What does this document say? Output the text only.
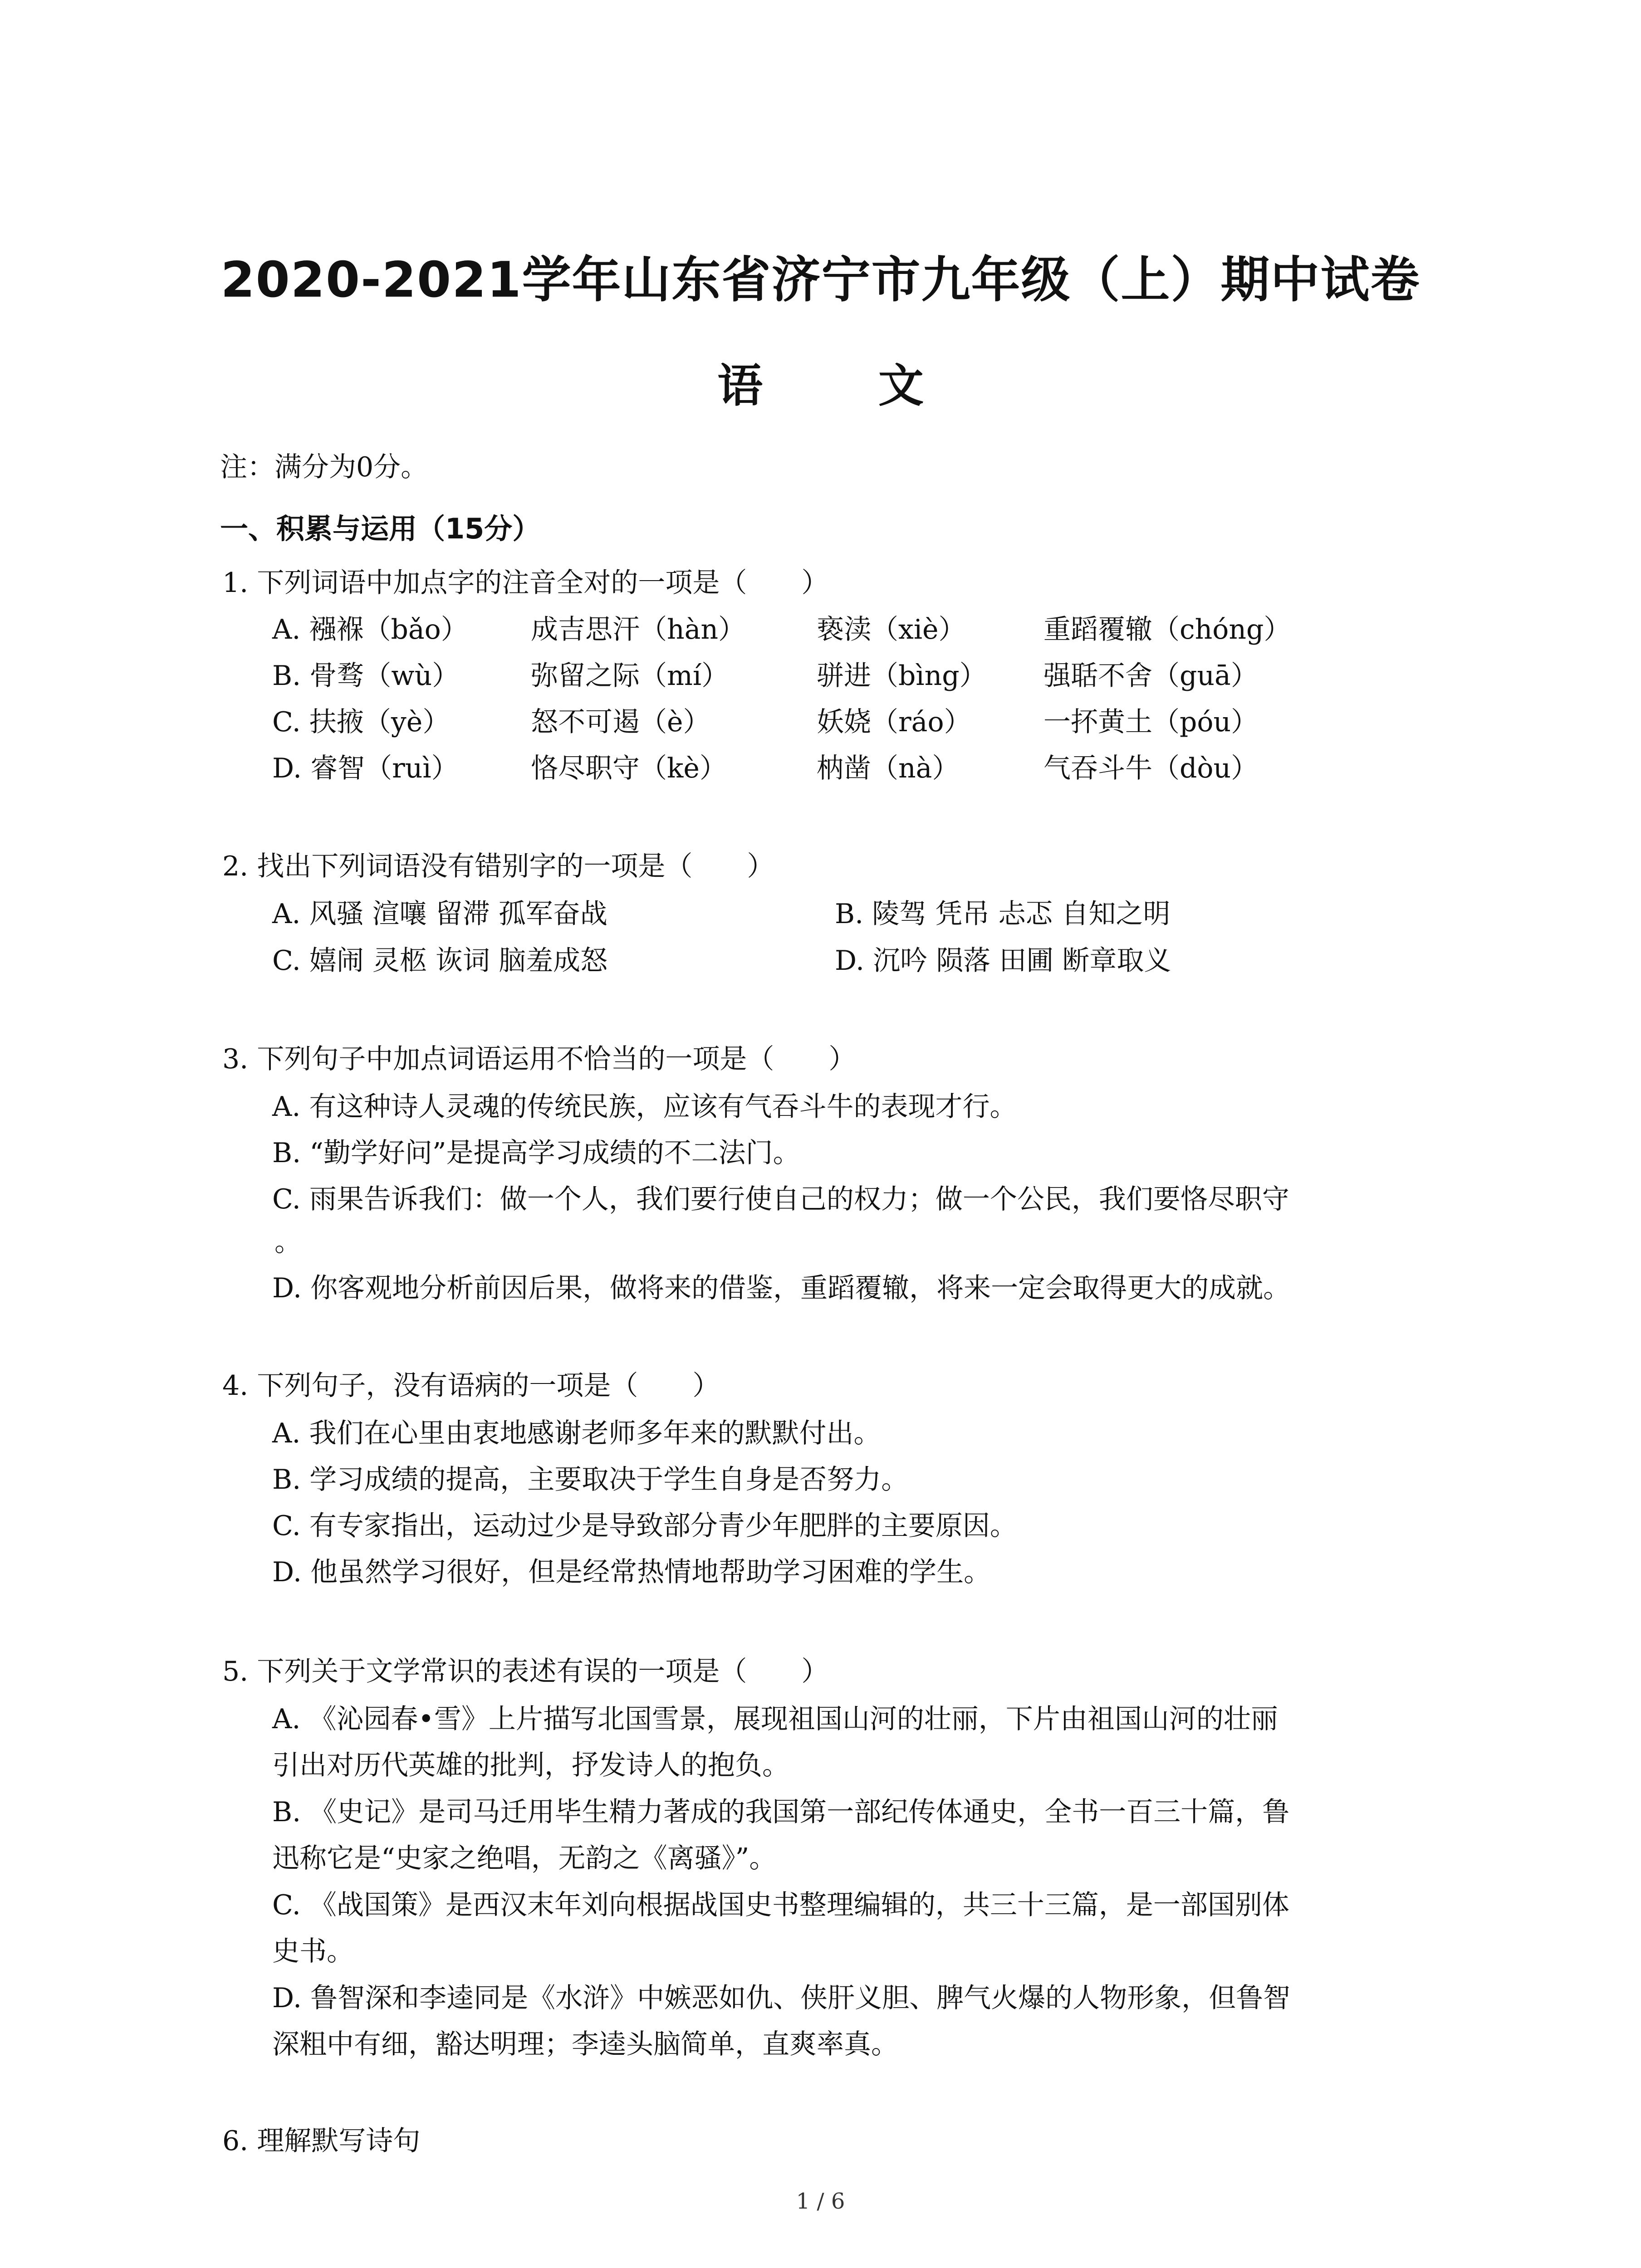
2020-2021学年山东省济宁市九年级（上）期中试卷
语 文
注：满分为0分。
一、积累与运用（15分）
1. 下列词语中加点字的注音全对的一项是（　　）
A. 襁褓（bǎo） 成吉思汗（hàn）	亵渎（xiè）	重蹈覆辙（chóng）
B. 骨骛（wù）	弥留之际（mí）	骈进（bìng） 强聒不舍（guā）
C. 扶掖（yè）	怒不可遏（è）	妖娆（ráo）	一抔黄土（póu）
D. 睿智（ruì）	恪尽职守（kè）	枘凿（nà）	气吞斗牛（dòu）
2. 找出下列词语没有错别字的一项是（　　）
A. 风骚 渲嚷 留滞 孤军奋战	B. 陵驾 凭吊 忐忑 自知之明
C. 嬉闹 灵柩 诙词 脑羞成怒	D. 沉吟 陨落 田圃 断章取义
3. 下列句子中加点词语运用不恰当的一项是（　　）
A. 有这种诗人灵魂的传统民族，应该有气吞斗牛的表现才行。
B. “勤学好问”是提高学习成绩的不二法门。
C. 雨果告诉我们：做一个人，我们要行使自己的权力；做一个公民，我们要恪尽职守
。
D. 你客观地分析前因后果，做将来的借鉴，重蹈覆辙，将来一定会取得更大的成就。
4. 下列句子，没有语病的一项是（　　）
A. 我们在心里由衷地感谢老师多年来的默默付出。
B. 学习成绩的提高，主要取决于学生自身是否努力。
C. 有专家指出，运动过少是导致部分青少年肥胖的主要原因。
D. 他虽然学习很好，但是经常热情地帮助学习困难的学生。
5. 下列关于文学常识的表述有误的一项是（　　）
A. 《沁园春•雪》上片描写北国雪景，展现祖国山河的壮丽，下片由祖国山河的壮丽
引出对历代英雄的批判，抒发诗人的抱负。
B. 《史记》是司马迁用毕生精力著成的我国第一部纪传体通史，全书一百三十篇，鲁
迅称它是“史家之绝唱，无韵之《离骚》”。
C. 《战国策》是西汉末年刘向根据战国史书整理编辑的，共三十三篇，是一部国别体
史书。
D. 鲁智深和李逵同是《水浒》中嫉恶如仇、侠肝义胆、脾气火爆的人物形象，但鲁智
深粗中有细，豁达明理；李逵头脑简单，直爽率真。
6. 理解默写诗句
1 / 6
